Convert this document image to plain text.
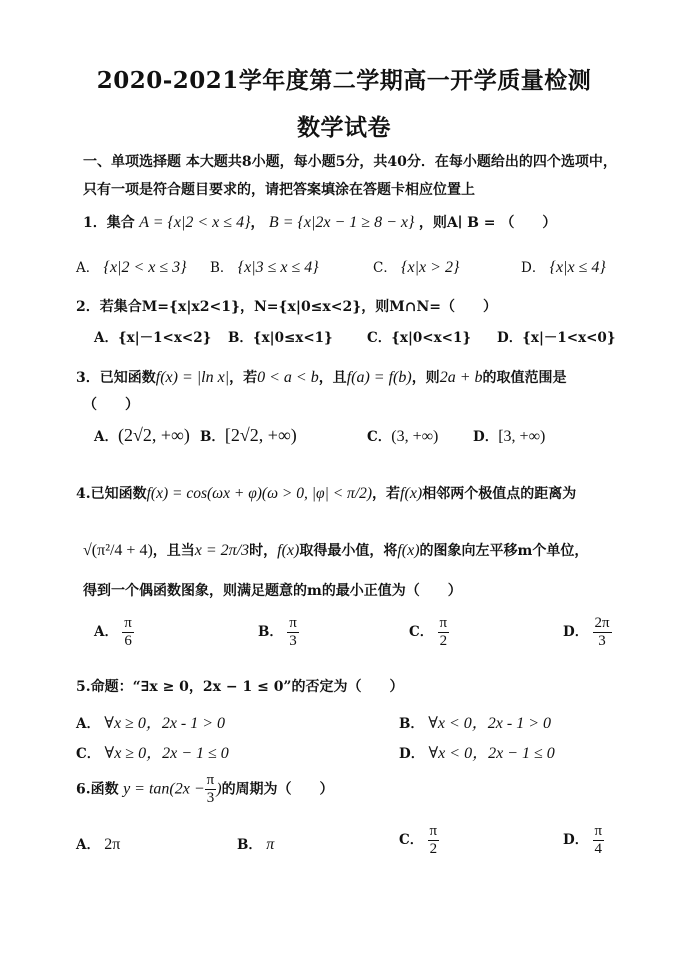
2020-2021学年度第二学期高一开学质量检测
数学试卷
一、单项选择题 本大题共8小题，每小题5分，共40分．在每小题给出的四个选项中，
只有一项是符合题目要求的，请把答案填涂在答题卡相应位置上
1．集合 A = {x|2 < x ≤ 4}， B = {x|2x − 1 ≥ 8 − x} ，则A∣ B = （　　）
A． {x|2 < x ≤ 3} B． {x|3 ≤ x ≤ 4}	C． {x|x > 2}	D． {x|x ≤ 4}
2．若集合M={x|x2<1}，N={x|0≤x<2}，则M∩N=（　　）
A．{x|－1<x<2} B．{x|0≤x<1}	C．{x|0<x<1} D．{x|－1<x<0}
3．已知函数f(x) = |ln x|，若0 < a < b，且f(a) = f(b)，则2a + b的取值范围是
（　　）
A．(2√2, +∞) B．[2√2, +∞)	C．(3, +∞)	D．[3, +∞)
4.已知函数f(x) = cos(ωx + φ)(ω > 0, |φ| < π/2)，若f(x)相邻两个极值点的距离为
√(π²/4 + 4)，且当x = 2π/3时，f(x)取得最小值，将f(x)的图象向左平移m个单位，
得到一个偶函数图象，则满足题意的m的最小正值为（　　）
A． $\frac{\pi}{6}$	B． $\frac{\pi}{3}$	C． $\frac{\pi}{2}$	D． $\frac{2\pi}{3}$
5.命题：“∃x ≥ 0，2x − 1 ≤ 0”的否定为（　　）
A． ∀x ≥ 0，2x - 1 > 0	B． ∀x < 0，2x - 1 > 0
C． ∀x ≥ 0，2x − 1 ≤ 0	D． ∀x < 0，2x − 1 ≤ 0
6.函数 $y = \tan(2x - \frac{\pi}{3}$ )的周期为（　　）
A． 2π	B． π	C． $\frac{\pi}{2}$	D． $\frac{\pi}{4}$
